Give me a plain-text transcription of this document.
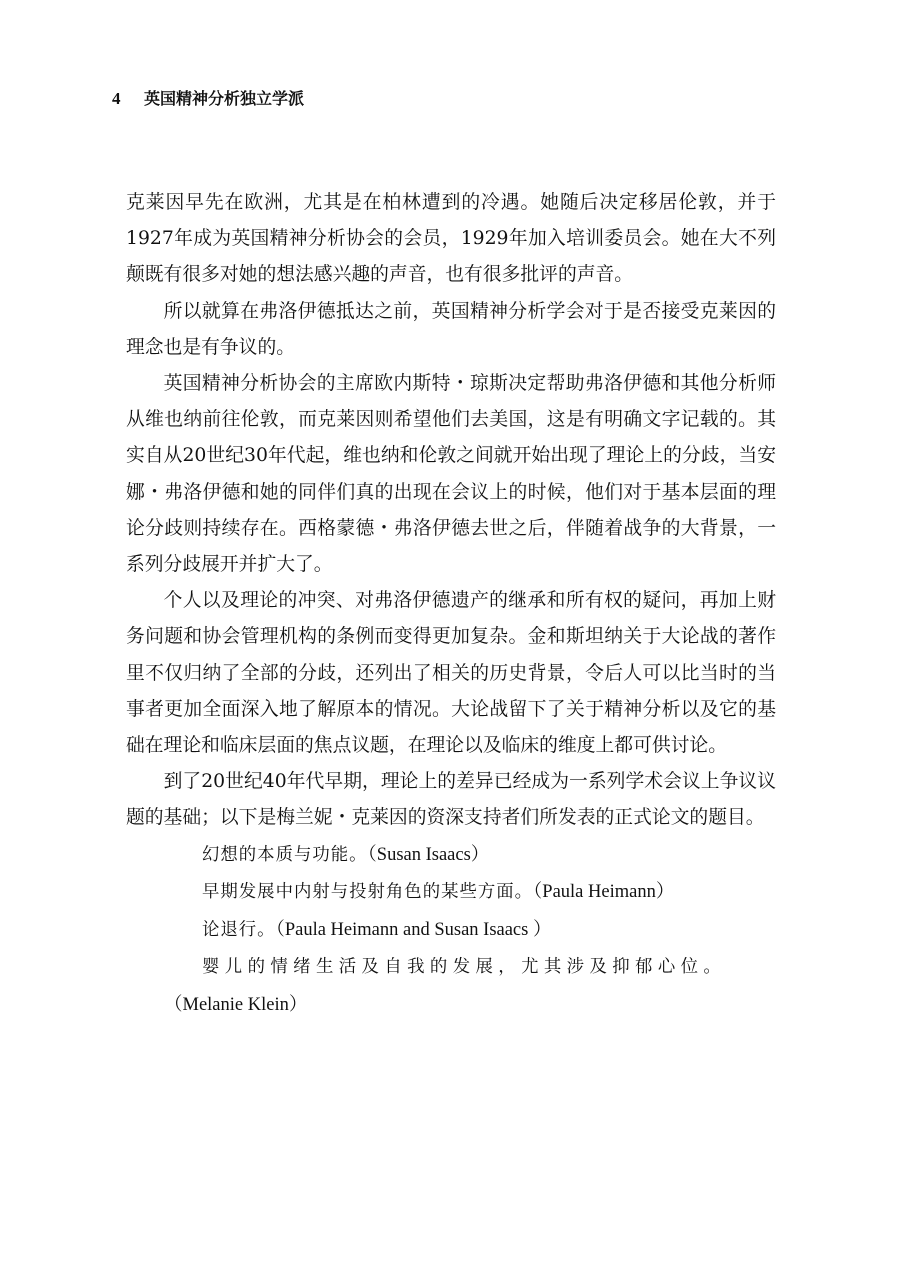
4 英国精神分析独立学派

克莱因早先在欧洲，尤其是在柏林遭到的冷遇。她随后决定移居伦敦，并于1927年成为英国精神分析协会的会员，1929年加入培训委员会。她在大不列颠既有很多对她的想法感兴趣的声音，也有很多批评的声音。

所以就算在弗洛伊德抵达之前，英国精神分析学会对于是否接受克莱因的理念也是有争议的。

英国精神分析协会的主席欧内斯特・琼斯决定帮助弗洛伊德和其他分析师从维也纳前往伦敦，而克莱因则希望他们去美国，这是有明确文字记载的。其实自从20世纪30年代起，维也纳和伦敦之间就开始出现了理论上的分歧，当安娜・弗洛伊德和她的同伴们真的出现在会议上的时候，他们对于基本层面的理论分歧则持续存在。西格蒙德・弗洛伊德去世之后，伴随着战争的大背景，一系列分歧展开并扩大了。

个人以及理论的冲突、对弗洛伊德遗产的继承和所有权的疑问，再加上财务问题和协会管理机构的条例而变得更加复杂。金和斯坦纳关于大论战的著作里不仅归纳了全部的分歧，还列出了相关的历史背景，令后人可以比当时的当事者更加全面深入地了解原本的情况。大论战留下了关于精神分析以及它的基础在理论和临床层面的焦点议题，在理论以及临床的维度上都可供讨论。

到了20世纪40年代早期，理论上的差异已经成为一系列学术会议上争议议题的基础；以下是梅兰妮・克莱因的资深支持者们所发表的正式论文的题目。

幻想的本质与功能。（Susan Isaacs）
早期发展中内射与投射角色的某些方面。（Paula Heimann）
论退行。（Paula Heimann and Susan Isaacs ）
婴儿的情绪生活及自我的发展，尤其涉及抑郁心位。
（Melanie Klein）
